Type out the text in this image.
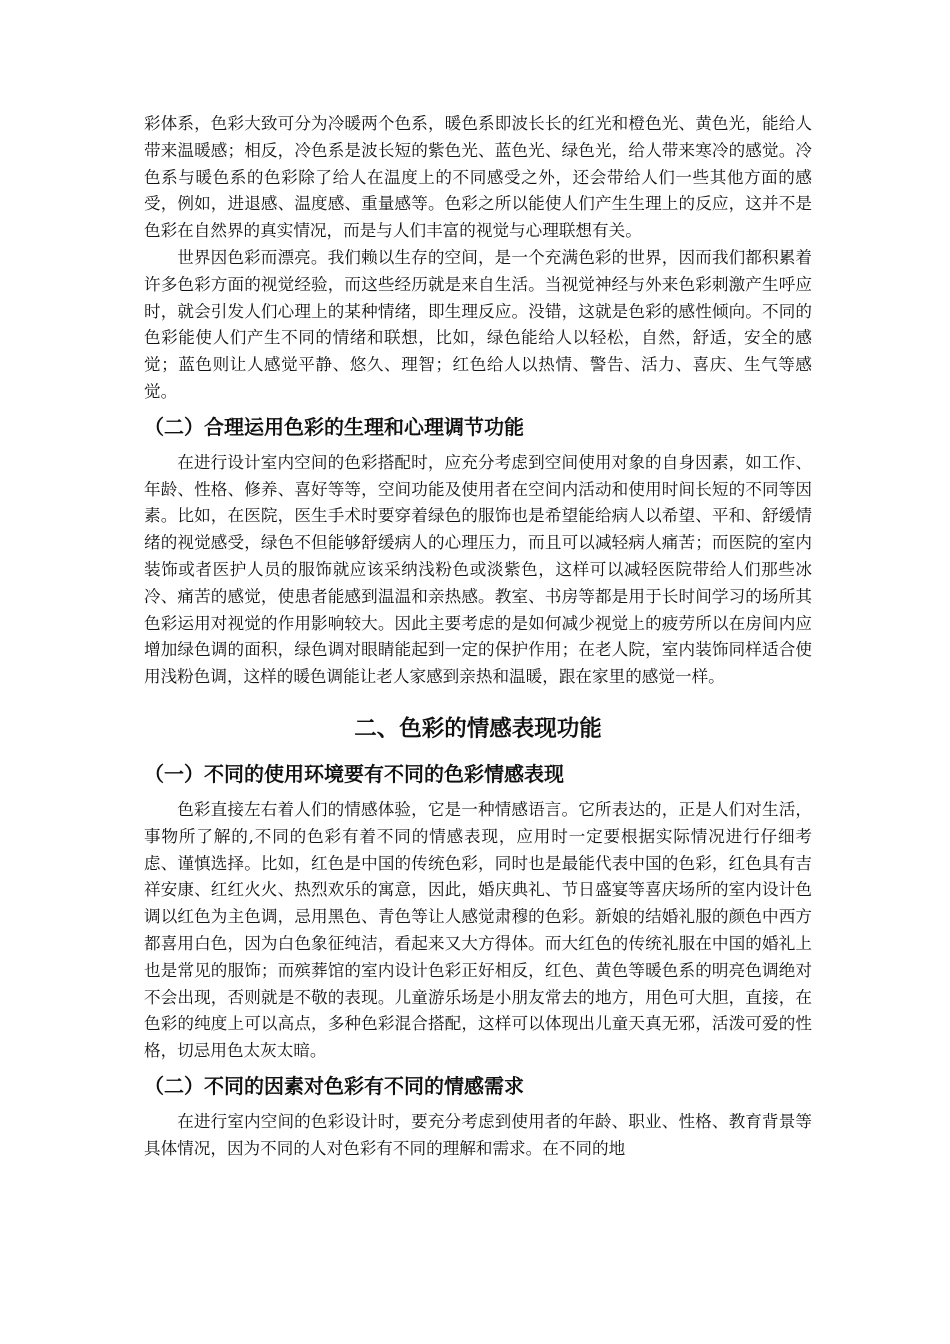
彩体系，色彩大致可分为冷暖两个色系，暖色系即波长长的红光和橙色光、黄色光，能给人带来温暖感；相反，冷色系是波长短的紫色光、蓝色光、绿色光，给人带来寒冷的感觉。冷色系与暖色系的色彩除了给人在温度上的不同感受之外，还会带给人们一些其他方面的感受，例如，进退感、温度感、重量感等。色彩之所以能使人们产生生理上的反应，这并不是色彩在自然界的真实情况，而是与人们丰富的视觉与心理联想有关。

世界因色彩而漂亮。我们赖以生存的空间，是一个充满色彩的世界，因而我们都积累着许多色彩方面的视觉经验，而这些经历就是来自生活。当视觉神经与外来色彩刺激产生呼应时，就会引发人们心理上的某种情绪，即生理反应。没错，这就是色彩的感性倾向。不同的色彩能使人们产生不同的情绪和联想，比如，绿色能给人以轻松，自然，舒适，安全的感觉；蓝色则让人感觉平静、悠久、理智；红色给人以热情、警告、活力、喜庆、生气等感觉。

（二）合理运用色彩的生理和心理调节功能

在进行设计室内空间的色彩搭配时，应充分考虑到空间使用对象的自身因素，如工作、年龄、性格、修养、喜好等等，空间功能及使用者在空间内活动和使用时间长短的不同等因素。比如，在医院，医生手术时要穿着绿色的服饰也是希望能给病人以希望、平和、舒缓情绪的视觉感受，绿色不但能够舒缓病人的心理压力，而且可以减轻病人痛苦；而医院的室内装饰或者医护人员的服饰就应该采纳浅粉色或淡紫色，这样可以减轻医院带给人们那些冰冷、痛苦的感觉，使患者能感到温温和亲热感。教室、书房等都是用于长时间学习的场所其色彩运用对视觉的作用影响较大。因此主要考虑的是如何减少视觉上的疲劳所以在房间内应增加绿色调的面积，绿色调对眼睛能起到一定的保护作用；在老人院，室内装饰同样适合使用浅粉色调，这样的暖色调能让老人家感到亲热和温暖，跟在家里的感觉一样。

二、色彩的情感表现功能
（一）不同的使用环境要有不同的色彩情感表现

色彩直接左右着人们的情感体验，它是一种情感语言。它所表达的，正是人们对生活，事物所了解的,不同的色彩有着不同的情感表现，应用时一定要根据实际情况进行仔细考虑、谨慎选择。比如，红色是中国的传统色彩，同时也是最能代表中国的色彩，红色具有吉祥安康、红红火火、热烈欢乐的寓意，因此，婚庆典礼、节日盛宴等喜庆场所的室内设计色调以红色为主色调，忌用黑色、青色等让人感觉肃穆的色彩。新娘的结婚礼服的颜色中西方都喜用白色，因为白色象征纯洁，看起来又大方得体。而大红色的传统礼服在中国的婚礼上也是常见的服饰；而殡葬馆的室内设计色彩正好相反，红色、黄色等暖色系的明亮色调绝对不会出现，否则就是不敬的表现。儿童游乐场是小朋友常去的地方，用色可大胆，直接，在色彩的纯度上可以高点，多种色彩混合搭配，这样可以体现出儿童天真无邪，活泼可爱的性格，切忌用色太灰太暗。

（二）不同的因素对色彩有不同的情感需求

在进行室内空间的色彩设计时，要充分考虑到使用者的年龄、职业、性格、教育背景等具体情况，因为不同的人对色彩有不同的理解和需求。在不同的地
